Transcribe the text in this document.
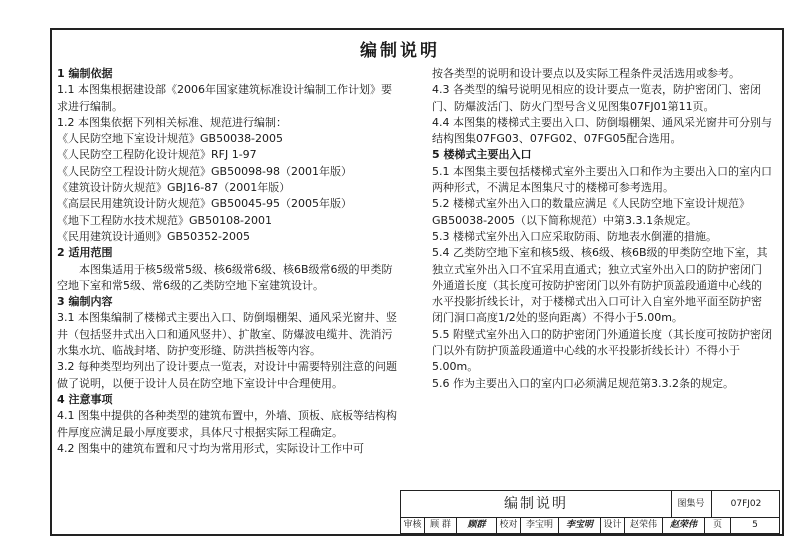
编制说明

1 编制依据

1.1 本图集根据建设部《2006年国家建筑标准设计编制工作计划》要求进行编制。

1.2 本图集依据下列相关标准、规范进行编制：

《人民防空地下室设计规范》GB50038-2005

《人民防空工程防化设计规范》RFJ 1-97

《人民防空工程设计防火规范》GB50098-98（2001年版）

《建筑设计防火规范》GBJ16-87（2001年版）

《高层民用建筑设计防火规范》GB50045-95（2005年版）

《地下工程防水技术规范》GB50108-2001

《民用建筑设计通则》GB50352-2005

2 适用范围

本图集适用于核5级常5级、核6级常6级、核6B级常6级的甲类防空地下室和常5级、常6级的乙类防空地下室建筑设计。

3 编制内容

3.1 本图集编制了楼梯式主要出入口、防倒塌棚架、通风采光窗井、竖井（包括竖井式出入口和通风竖井）、扩散室、防爆波电缆井、洗消污水集水坑、临战封堵、防护变形缝、防洪挡板等内容。

3.2 每种类型均列出了设计要点一览表，对设计中需要特别注意的问题做了说明，以便于设计人员在防空地下室设计中合理使用。

4 注意事项

4.1 图集中提供的各种类型的建筑布置中，外墙、顶板、底板等结构构件厚度应满足最小厚度要求，具体尺寸根据实际工程确定。

4.2 图集中的建筑布置和尺寸均为常用形式，实际设计工作中可

按各类型的说明和设计要点以及实际工程条件灵活选用或参考。

4.3 各类型的编号说明见相应的设计要点一览表，防护密闭门、密闭门、防爆波活门、防火门型号含义见图集07FJ01第11页。

4.4 本图集的楼梯式主要出入口、防倒塌棚架、通风采光窗井可分别与结构图集07FG03、07FG02、07FG05配合选用。

5 楼梯式主要出入口

5.1 本图集主要包括楼梯式室外主要出入口和作为主要出入口的室内口两种形式，不满足本图集尺寸的楼梯可参考选用。

5.2 楼梯式室外出入口的数量应满足《人民防空地下室设计规范》GB50038-2005（以下简称规范）中第3.3.1条规定。

5.3 楼梯式室外出入口应采取防雨、防地表水倒灌的措施。

5.4 乙类防空地下室和核5级、核6级、核6B级的甲类防空地下室，其独立式室外出入口不宜采用直通式；独立式室外出入口的防护密闭门外通道长度（其长度可按防护密闭门以外有防护顶盖段通道中心线的水平投影折线长计，对于楼梯式出入口可计入自室外地平面至防护密闭门洞口高度1/2处的竖向距离）不得小于5.00m。

5.5 附壁式室外出入口的防护密闭门外通道长度（其长度可按防护密闭门以外有防护顶盖段通道中心线的水平投影折线长计）不得小于5.00m。

5.6 作为主要出入口的室内口必须满足规范第3.3.2条的规定。

编制说明	图集号	07FJ02
审核 顾 群	顾群	校对 李宝明	李宝明	设计 赵荣伟	赵荣伟	页	5
